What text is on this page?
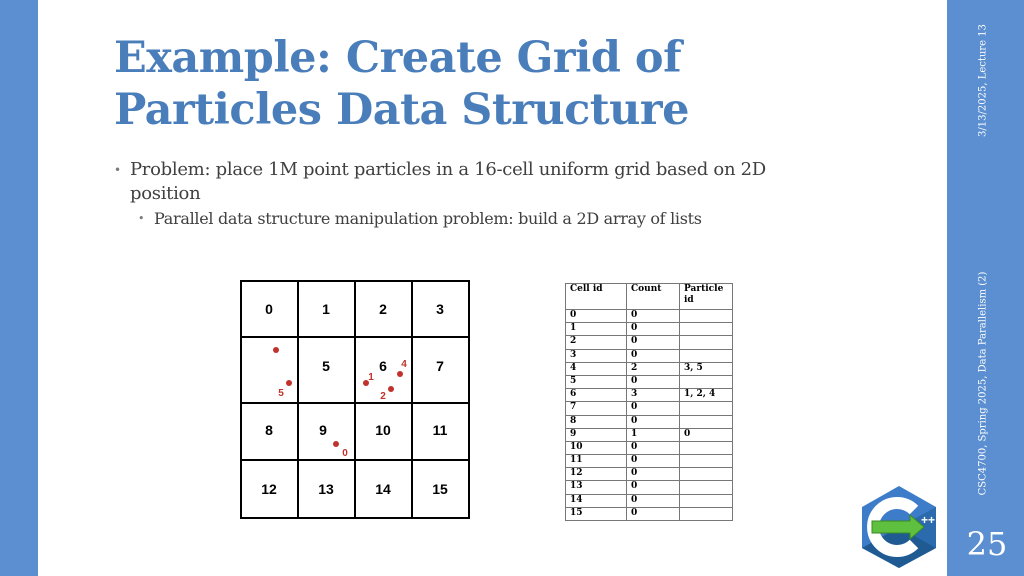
Example: Create Grid of
Particles Data Structure
• Problem: place 1M point particles in a 16-cell uniform grid based on 2D position
• Parallel data structure manipulation problem: build a 2D array of lists
0	1	2	3
5	6	7
8	9	10	11
12	13	14	15
5
1
2
4
0
Cell id	Count	Particle id
0	0	
1	0	
2	0	
3	0	
4	2	3, 5
5	0	
6	3	1, 2, 4
7	0	
8	0	
9	1	0
10	0	
11	0	
12	0	
13	0	
14	0	
15	0	
3/13/2025, Lecture 13
CSC4700, Spring 2025, Data Parallelism (2)
++
25
